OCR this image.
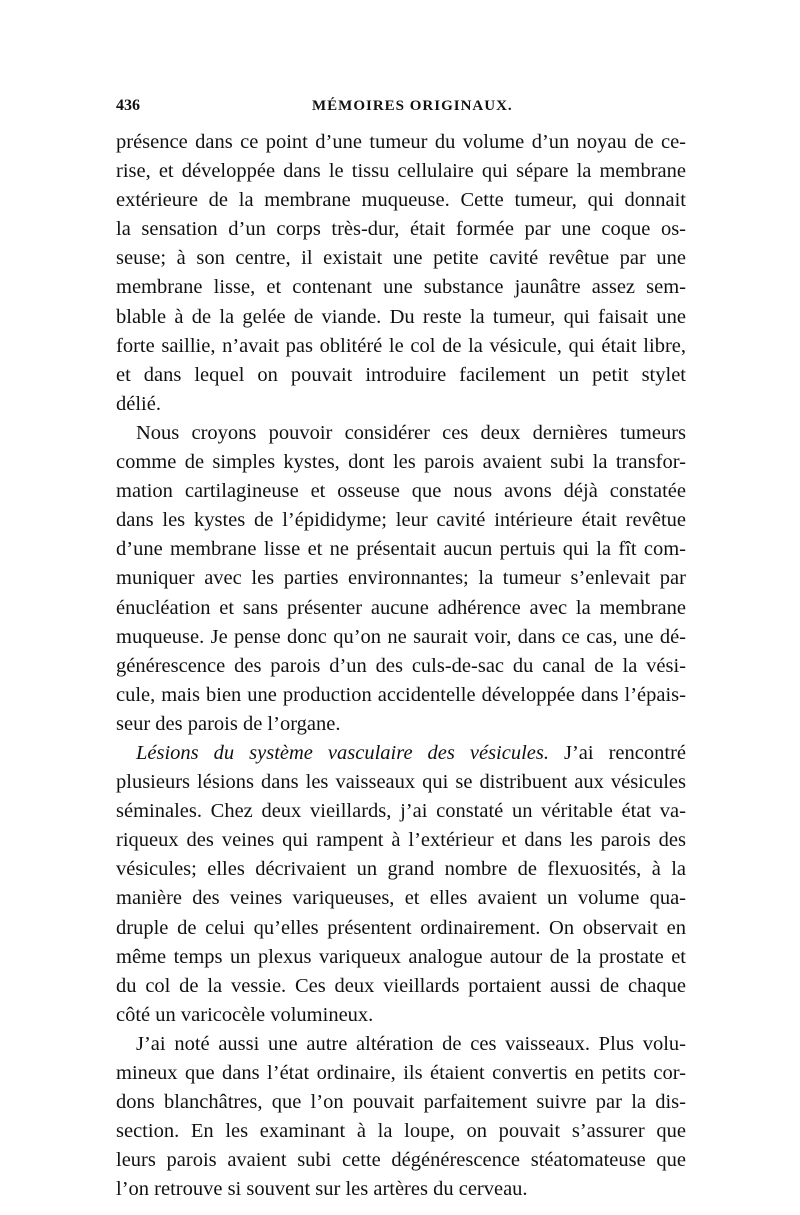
436	MÉMOIRES ORIGINAUX.

présence dans ce point d’une tumeur du volume d’un noyau de ce-
rise, et développée dans le tissu cellulaire qui sépare la membrane
extérieure de la membrane muqueuse. Cette tumeur, qui donnait
la sensation d’un corps très-dur, était formée par une coque os-
seuse; à son centre, il existait une petite cavité revêtue par une
membrane lisse, et contenant une substance jaunâtre assez sem-
blable à de la gelée de viande. Du reste la tumeur, qui faisait une
forte saillie, n’avait pas oblitéré le col de la vésicule, qui était libre,
et dans lequel on pouvait introduire facilement un petit stylet
délié.

Nous croyons pouvoir considérer ces deux dernières tumeurs
comme de simples kystes, dont les parois avaient subi la transfor-
mation cartilagineuse et osseuse que nous avons déjà constatée
dans les kystes de l’épididyme; leur cavité intérieure était revêtue
d’une membrane lisse et ne présentait aucun pertuis qui la fît com-
muniquer avec les parties environnantes; la tumeur s’enlevait par
énucléation et sans présenter aucune adhérence avec la membrane
muqueuse. Je pense donc qu’on ne saurait voir, dans ce cas, une dé-
générescence des parois d’un des culs-de-sac du canal de la vési-
cule, mais bien une production accidentelle développée dans l’épais-
seur des parois de l’organe.

Lésions du système vasculaire des vésicules. J’ai rencontré
plusieurs lésions dans les vaisseaux qui se distribuent aux vésicules
séminales. Chez deux vieillards, j’ai constaté un véritable état va-
riqueux des veines qui rampent à l’extérieur et dans les parois des
vésicules; elles décrivaient un grand nombre de flexuosités, à la
manière des veines variqueuses, et elles avaient un volume qua-
druple de celui qu’elles présentent ordinairement. On observait en
même temps un plexus variqueux analogue autour de la prostate et
du col de la vessie. Ces deux vieillards portaient aussi de chaque
côté un varicocèle volumineux.

J’ai noté aussi une autre altération de ces vaisseaux. Plus volu-
mineux que dans l’état ordinaire, ils étaient convertis en petits cor-
dons blanchâtres, que l’on pouvait parfaitement suivre par la dis-
section. En les examinant à la loupe, on pouvait s’assurer que
leurs parois avaient subi cette dégénérescence stéatomateuse que
l’on retrouve si souvent sur les artères du cerveau.
